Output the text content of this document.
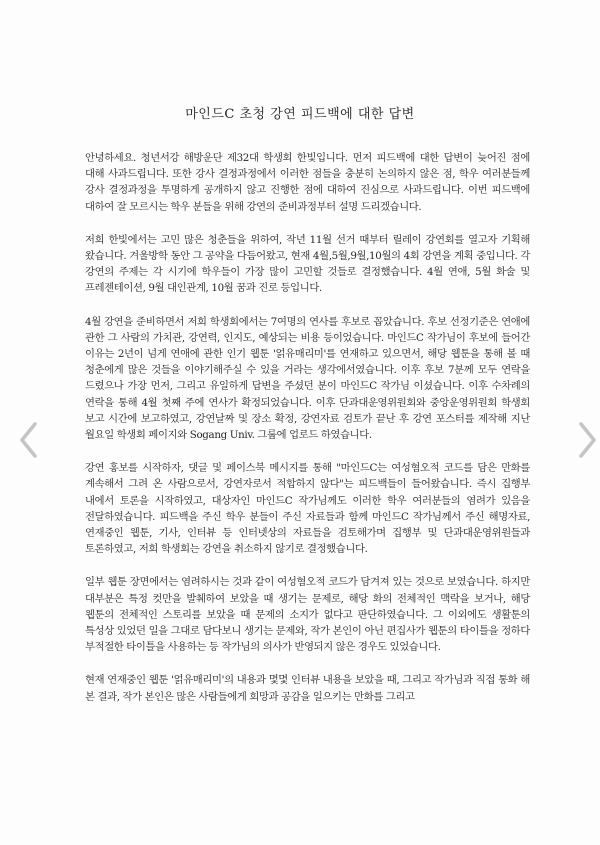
마인드C 초청 강연 피드백에 대한 답변

안녕하세요. 청년서강 해방운단 제32대 학생회 한빛입니다. 먼저 피드백에 대한 답변이 늦어진 점에 대해 사과드립니다. 또한 강사 결정과정에서 이러한 점들을 충분히 논의하지 않은 점, 학우 여러분들께 강사 결정과정을 투명하게 공개하지 않고 진행한 점에 대하여 진심으로 사과드립니다. 이번 피드백에 대하여 잘 모르시는 학우 분들을 위해 강연의 준비과정부터 설명 드리겠습니다.

저희 한빛에서는 고민 많은 청춘들을 위하여, 작년 11월 선거 때부터 릴레이 강연회를 열고자 기획해 왔습니다. 겨울방학 동안 그 공약을 다듬어왔고, 현재 4월,5월,9월,10월의 4회 강연을 계획 중입니다. 각 강연의 주제는 각 시기에 학우들이 가장 많이 고민할 것들로 결정했습니다. 4월 연애, 5월 화술 및 프레젠테이션, 9월 대인관계, 10월 꿈과 진로 등입니다.

4월 강연을 준비하면서 저희 학생회에서는 7여명의 연사를 후보로 꼽았습니다. 후보 선정기준은 연애에 관한 그 사람의 가치관, 강연력, 인지도, 예상되는 비용 등이었습니다. 마인드C 작가님이 후보에 들어간 이유는 2년이 넘게 연애에 관한 인기 웹툰 '얽유매리미'를 연재하고 있으면서, 해당 웹툰을 통해 볼 때 청춘에게 많은 것들을 이야기해주실 수 있을 거라는 생각에서였습니다. 이후 후보 7분께 모두 연락을 드렸으나 가장 먼저, 그리고 유일하게 답변을 주셨던 분이 마인드C 작가님 이셨습니다. 이후 수차례의 연락을 통해 4월 첫째 주에 연사가 확정되었습니다. 이후 단과대운영위원회와 중앙운영위원회 학생회 보고 시간에 보고하였고, 강연날짜 및 장소 확정, 강연자료 검토가 끝난 후 강연 포스터를 제작해 지난 월요일 학생회 페이지와 Sogang Univ. 그룹에 업로드 하였습니다.

강연 홍보를 시작하자, 댓글 및 페이스북 메시지를 통해 "마인드C는 여성혐오적 코드를 담은 만화를 계속해서 그려 온 사람으로서, 강연자로서 적합하지 않다"는 피드백들이 들어왔습니다. 즉시 집행부 내에서 토론을 시작하였고, 대상자인 마인드C 작가님께도 이러한 학우 여러분들의 염려가 있음을 전달하였습니다. 피드백을 주신 학우 분들이 주신 자료들과 함께 마인드C 작가님께서 주신 해명자료, 연재중인 웹툰, 기사, 인터뷰 등 인터넷상의 자료들을 검토해가며 집행부 및 단과대운영위원들과 토론하였고, 저희 학생회는 강연을 취소하지 않기로 결정했습니다.

일부 웹툰 장면에서는 염려하시는 것과 같이 여성혐오적 코드가 담겨져 있는 것으로 보였습니다. 하지만 대부분은 특정 컷만을 발췌하여 보았을 때 생기는 문제로, 해당 화의 전체적인 맥락을 보거나, 해당 웹툰의 전체적인 스토리를 보았을 때 문제의 소지가 없다고 판단하였습니다. 그 이외에도 생활툰의 특성상 있었던 일을 그대로 담다보니 생기는 문제와, 작가 본인이 아닌 편집사가 웹툰의 타이틀을 정하다 부적절한 타이틀을 사용하는 등 작가님의 의사가 반영되지 않은 경우도 있었습니다.

현재 연재중인 웹툰 '얽유매리미'의 내용과 몇몇 인터뷰 내용을 보았을 때, 그리고 작가님과 직접 통화 해 본 결과, 작가 본인은 많은 사람들에게 희망과 공감을 일으키는 만화를 그리고
